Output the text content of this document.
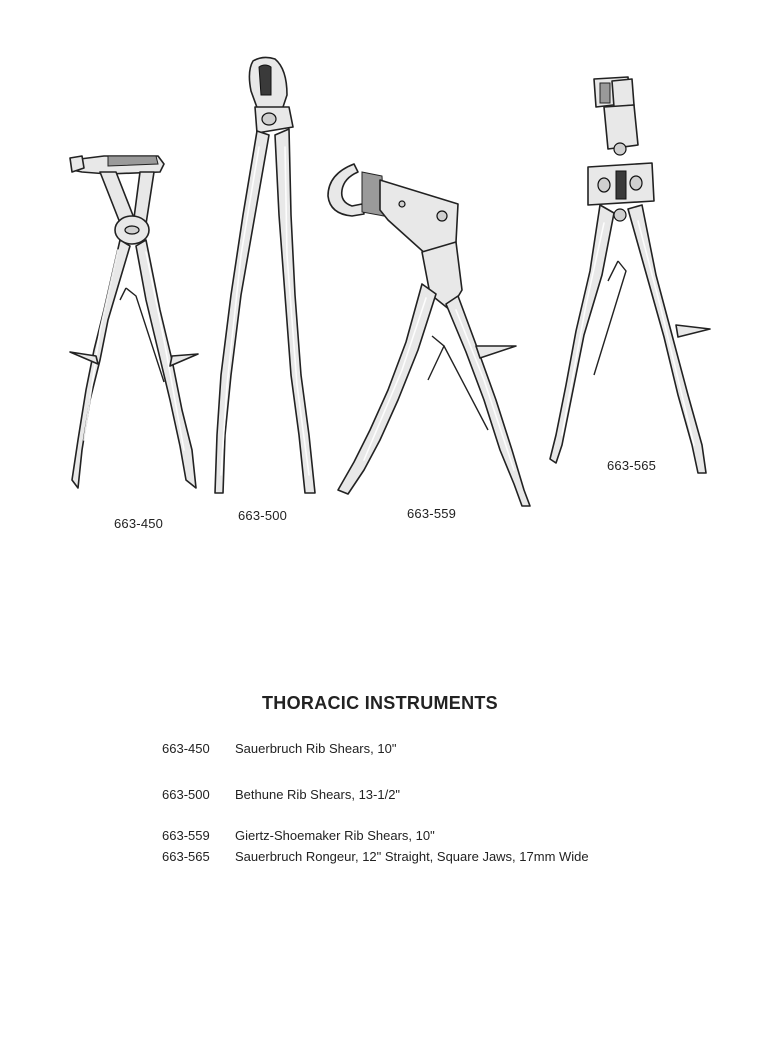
663-450
663-500	663-559
663-565
THORACIC INSTRUMENTS
663-450	Sauerbruch Rib Shears, 10"
663-500	Bethune Rib Shears, 13-1/2"
663-559	Giertz-Shoemaker Rib Shears, 10"
663-565	Sauerbruch Rongeur, 12" Straight, Square Jaws, 17mm Wide
